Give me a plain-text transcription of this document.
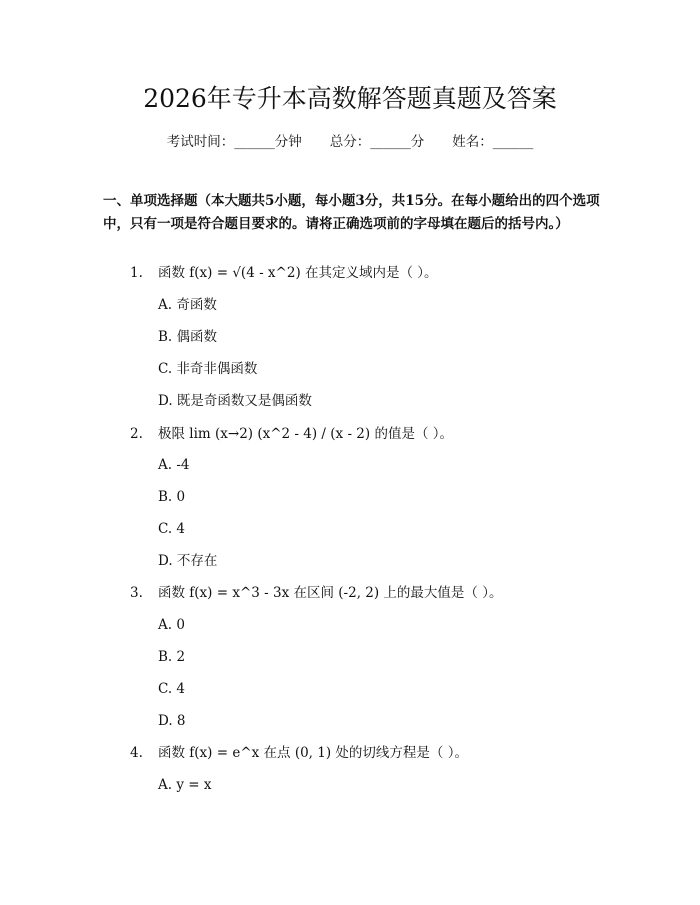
2026年专升本高数解答题真题及答案
考试时间：______分钟 总分：______分 姓名：______
一、单项选择题（本大题共5小题，每小题3分，共15分。在每小题给出的四个选项中，只有一项是符合题目要求的。请将正确选项前的字母填在题后的括号内。）
1. 函数 f(x) = √(4 - x^2) 在其定义域内是（ ）。
A. 奇函数
B. 偶函数
C. 非奇非偶函数
D. 既是奇函数又是偶函数
2. 极限 lim (x→2) (x^2 - 4) / (x - 2) 的值是（ ）。
A. -4
B. 0
C. 4
D. 不存在
3. 函数 f(x) = x^3 - 3x 在区间 (-2, 2) 上的最大值是（ ）。
A. 0
B. 2
C. 4
D. 8
4. 函数 f(x) = e^x 在点 (0, 1) 处的切线方程是（ ）。
A. y = x
